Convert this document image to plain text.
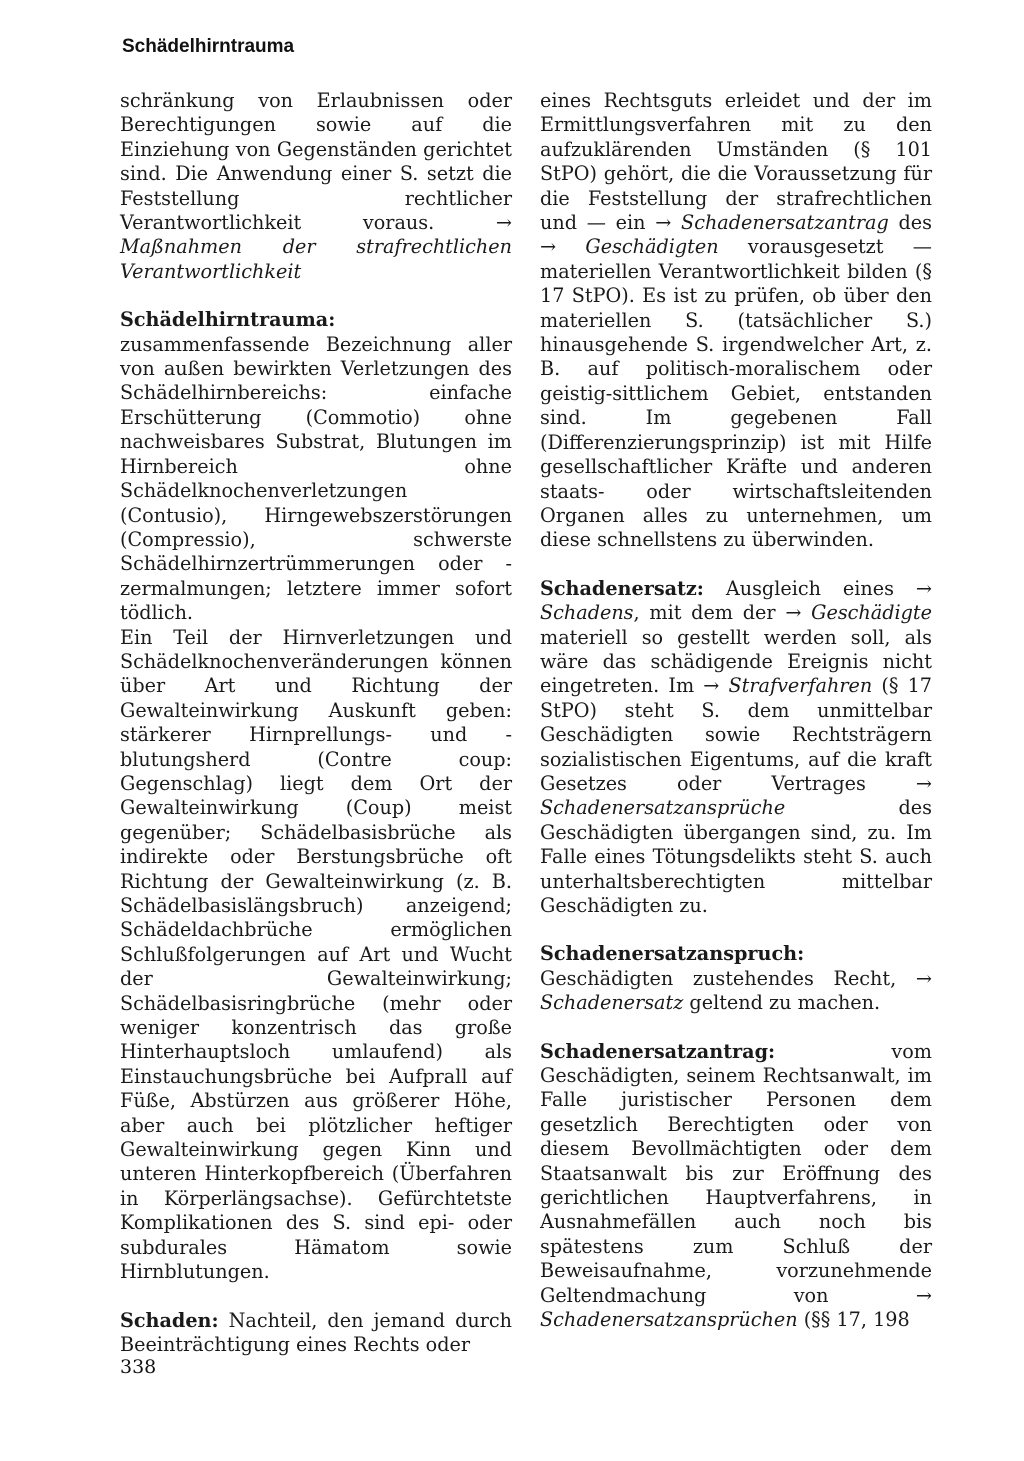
Schädelhirntrauma

schränkung von Erlaubnissen oder Berechtigungen sowie auf die Einziehung von Gegenständen gerichtet sind. Die Anwendung einer S. setzt die Feststellung rechtlicher Verantwortlichkeit voraus. → Maßnahmen der strafrechtlichen Verantwortlichkeit

Schädelhirntrauma: zusammenfassende Bezeichnung aller von außen bewirkten Verletzungen des Schädelhirnbereichs: einfache Erschütterung (Commotio) ohne nachweisbares Substrat, Blutungen im Hirnbereich ohne Schädelknochenverletzungen (Contusio), Hirngewebszerstörungen (Compressio), schwerste Schädelhirnzertrümmerungen oder -zermalmungen; letztere immer sofort tödlich.

Ein Teil der Hirnverletzungen und Schädelknochenveränderungen können über Art und Richtung der Gewalteinwirkung Auskunft geben: stärkerer Hirnprellungs- und -blutungsherd (Contre coup: Gegenschlag) liegt dem Ort der Gewalteinwirkung (Coup) meist gegenüber; Schädelbasisbrüche als indirekte oder Berstungsbrüche oft Richtung der Gewalteinwirkung (z. B. Schädelbasislängsbruch) anzeigend; Schädeldachbrüche ermöglichen Schlußfolgerungen auf Art und Wucht der Gewalteinwirkung; Schädelbasisringbrüche (mehr oder weniger konzentrisch das große Hinterhauptsloch umlaufend) als Einstauchungsbrüche bei Aufprall auf Füße, Abstürzen aus größerer Höhe, aber auch bei plötzlicher heftiger Gewalteinwirkung gegen Kinn und unteren Hinterkopfbereich (Überfahren in Körperlängsachse). Gefürchtetste Komplikationen des S. sind epi- oder subdurales Hämatom sowie Hirnblutungen.

Schaden: Nachteil, den jemand durch Beeinträchtigung eines Rechts oder

eines Rechtsguts erleidet und der im Ermittlungsverfahren mit zu den aufzuklärenden Umständen (§ 101 StPO) gehört, die die Voraussetzung für die Feststellung der strafrechtlichen und — ein → Schadenersatzantrag des → Geschädigten vorausgesetzt — materiellen Verantwortlichkeit bilden (§ 17 StPO). Es ist zu prüfen, ob über den materiellen S. (tatsächlicher S.) hinausgehende S. irgendwelcher Art, z. B. auf politisch-moralischem oder geistig-sittlichem Gebiet, entstanden sind. Im gegebenen Fall (Differenzierungsprinzip) ist mit Hilfe gesellschaftlicher Kräfte und anderen staats- oder wirtschaftsleitenden Organen alles zu unternehmen, um diese schnellstens zu überwinden.

Schadenersatz: Ausgleich eines → Schadens, mit dem der → Geschädigte materiell so gestellt werden soll, als wäre das schädigende Ereignis nicht eingetreten. Im → Strafverfahren (§ 17 StPO) steht S. dem unmittelbar Geschädigten sowie Rechtsträgern sozialistischen Eigentums, auf die kraft Gesetzes oder Vertrages → Schadenersatzansprüche des Geschädigten übergangen sind, zu. Im Falle eines Tötungsdelikts steht S. auch unterhaltsberechtigten mittelbar Geschädigten zu.

Schadenersatzanspruch: Geschädigten zustehendes Recht, → Schadenersatz geltend zu machen.

Schadenersatzantrag: vom Geschädigten, seinem Rechtsanwalt, im Falle juristischer Personen dem gesetzlich Berechtigten oder von diesem Bevollmächtigten oder dem Staatsanwalt bis zur Eröffnung des gerichtlichen Hauptverfahrens, in Ausnahmefällen auch noch bis spätestens zum Schluß der Beweisaufnahme, vorzunehmende Geltendmachung von → Schadenersatzansprüchen (§§ 17, 198

338
